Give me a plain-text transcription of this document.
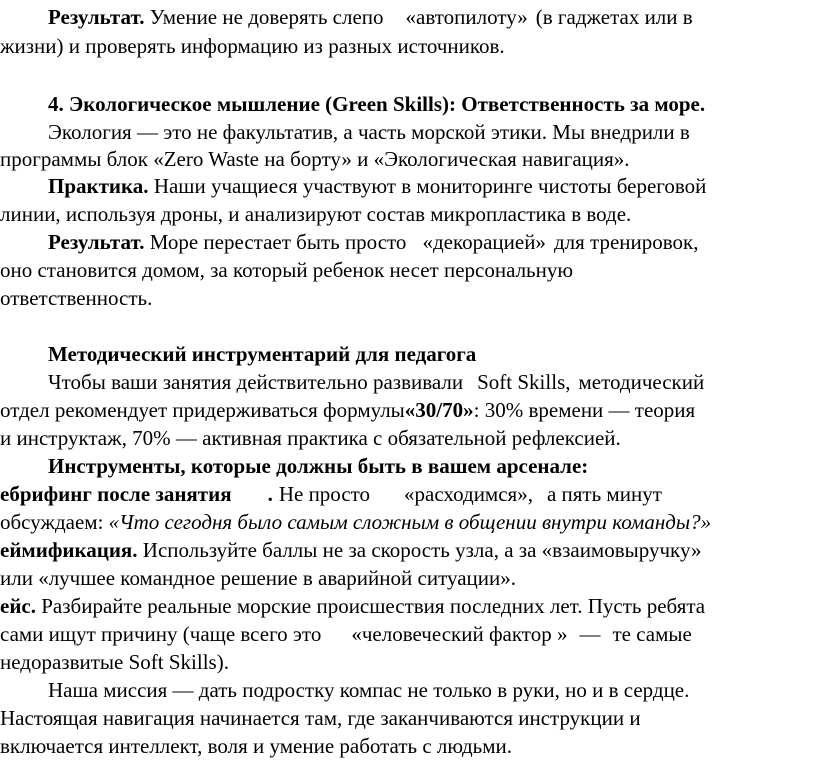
Результат. Умение не доверять слепо «автопилоту» (в гаджетах или в
жизни) и проверять информацию из разных источников.
4. Экологическое мышление (Green Skills): Ответственность за море.
Экология — это не факультатив, а часть морской этики. Мы внедрили в
программы блок «Zero Waste на борту» и «Экологическая навигация».
Практика. Наши учащиеся участвуют в мониторинге чистоты береговой
линии, используя дроны, и анализируют состав микропластика в воде.
Результат. Море перестает быть просто «декорацией» для тренировок,
оно становится домом, за который ребенок несет персональную
ответственность.
Методический инструментарий для педагога
Чтобы ваши занятия действительно развивали Soft Skills, методический
отдел рекомендует придерживаться формулы«30/70»: 30% времени — теория
и инструктаж, 70% — активная практика с обязательной рефлексией.
Инструменты, которые должны быть в вашем арсенале:
ебрифинг после занятия . Не просто «расходимся», а пять минут
обсуждаем: «Что сегодня было самым сложным в общении внутри команды?»
еймификация. Используйте баллы не за скорость узла, а за «взаимовыручку»
или «лучшее командное решение в аварийной ситуации».
ейс. Разбирайте реальные морские происшествия последних лет. Пусть ребята
сами ищут причину (чаще всего это «человеческий фактор » — те самые
недоразвитые Soft Skills).
Наша миссия — дать подростку компас не только в руки, но и в сердце.
Настоящая навигация начинается там, где заканчиваются инструкции и
включается интеллект, воля и умение работать с людьми.
